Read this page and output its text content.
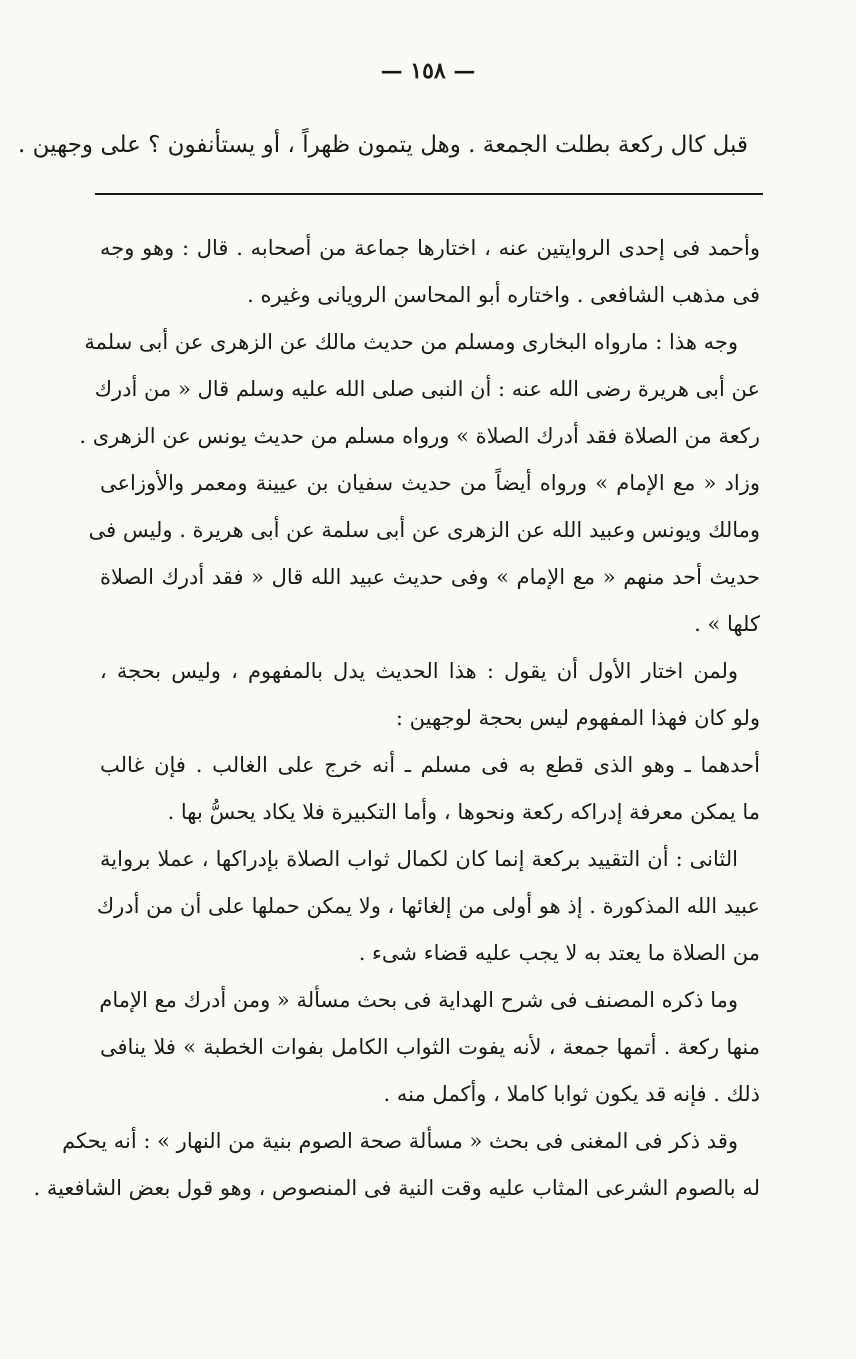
— ١٥٨ —
قبل كال ركعة بطلت الجمعة . وهل يتمون ظهراً ، أو يستأنفون ؟ على وجهين .
وأحمد فى إحدى الروايتين عنه ، اختارها جماعة من أصحابه . قال : وهو وجه
فى مذهب الشافعى . واختاره أبو المحاسن الرويانى وغيره .
وجه هذا : مارواه البخارى ومسلم من حديث مالك عن الزهرى عن أبى سلمة
عن أبى هريرة رضى الله عنه : أن النبى صلى الله عليه وسلم قال « من أدرك
ركعة من الصلاة فقد أدرك الصلاة » ورواه مسلم من حديث يونس عن الزهرى .
وزاد « مع الإمام » ورواه أيضاً من حديث سفيان بن عيينة ومعمر والأوزاعى
ومالك ويونس وعبيد الله عن الزهرى عن أبى سلمة عن أبى هريرة . وليس فى
حديث أحد منهم « مع الإمام » وفى حديث عبيد الله قال « فقد أدرك الصلاة
كلها » .
ولمن اختار الأول أن يقول : هذا الحديث يدل بالمفهوم ، وليس بحجة ،
ولو كان فهذا المفهوم ليس بحجة لوجهين :
أحدهما ـ وهو الذى قطع به فى مسلم ـ أنه خرج على الغالب . فإن غالب
ما يمكن معرفة إدراكه ركعة ونحوها ، وأما التكبيرة فلا يكاد يحسُّ بها .
الثانى : أن التقييد بركعة إنما كان لكمال ثواب الصلاة بإدراكها ، عملا برواية
عبيد الله المذكورة . إذ هو أولى من إلغائها ، ولا يمكن حملها على أن من أدرك
من الصلاة ما يعتد به لا يجب عليه قضاء شىء .
وما ذكره المصنف فى شرح الهداية فى بحث مسألة « ومن أدرك مع الإمام
منها ركعة . أتمها جمعة ، لأنه يفوت الثواب الكامل بفوات الخطبة » فلا ينافى
ذلك . فإنه قد يكون ثوابا كاملا ، وأكمل منه .
وقد ذكر فى المغنى فى بحث « مسألة صحة الصوم بنية من النهار » : أنه يحكم
له بالصوم الشرعى المثاب عليه وقت النية فى المنصوص ، وهو قول بعض الشافعية .
